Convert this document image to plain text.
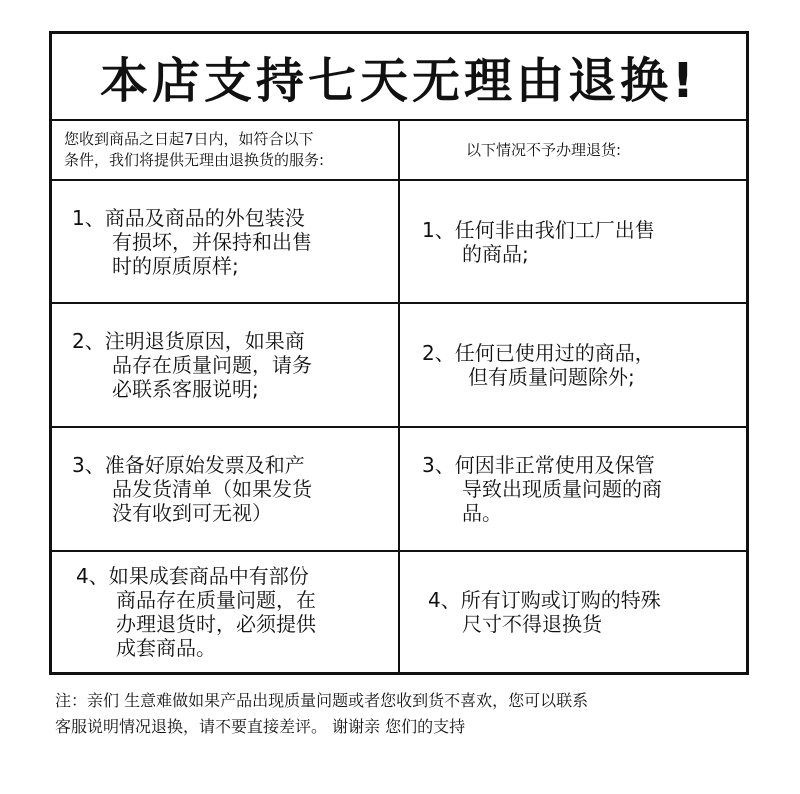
本店支持七天无理由退换!
您收到商品之日起7日内，如符合以下
条件，我们将提供无理由退换货的服务:
以下情况不予办理退货:
1、商品及商品的外包装没
有损坏，并保持和出售
时的原质原样;
1、任何非由我们工厂出售
的商品;
2、注明退货原因，如果商
品存在质量问题，请务
必联系客服说明;
2、任何已使用过的商品，
但有质量问题除外;
3、准备好原始发票及和产
品发货清单（如果发货
没有收到可无视）
3、何因非正常使用及保管
导致出现质量问题的商
品。
4、如果成套商品中有部份
商品存在质量问题，在
办理退货时，必须提供
成套商品。
4、所有订购或订购的特殊
尺寸不得退换货

注：亲们 生意难做如果产品出现质量问题或者您收到货不喜欢，您可以联系

客服说明情况退换，请不要直接差评。 谢谢亲 您们的支持
